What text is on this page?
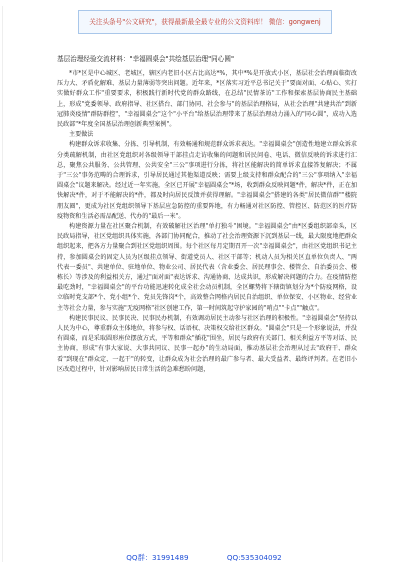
关注头条号"公文研究"，获得最新最全最专业的公文资料库！ 微信：gongwenj
基层治理经验交流材料："幸福圆桌会"共绘基层治理"同心圆"

*市*区是中心城区、老城区，辖区内老旧小区占比高达*%，其中*%是开放式小区，基层社会治理面临街改压力大、矛盾化解难、基层力量薄弱等突出问题。近年来，*区落实习近平总书记关于"要面对面、心贴心、实打实做好群众工作"重要要求，积极践行新时代党的群众路线，在总结"民情茶访"工作和探索基层协商民主基础上，形成"党委领导、政府指导、社区搭台、部门协同、社会参与"的基层治理格局，从社会治理"共建共治"到新冠肺炎疫情"群防群控"，"幸福圆桌会"这个"小平台"给基层治理带来了基层治理动力涌入的"同心圆"，成功入选民政部"*年度全国基层治理创新典型案例"。

主要做法

构建群众诉求收集、分拣、引导机制，有效畅通和规范群众诉求表达。"幸福圆桌会"创造性地建立群众诉求分类疏解机制，由社区党组织对各级领导干部挂点走访收集的问题和居民问卷、电话、微信反映的诉求进行汇总，聚焦公共服务、公共管理、公共安全"三公"事项进行分拣，将社区能解决的简单诉求直接答复解决；不属于"三公"事务范畴的合理诉求，引导居民通过其他渠道反映；需要上级支持和群众配合的"三公"事项纳入"幸福圆桌会"议题来解决。经过近一年实施，全区已开展"幸福圆桌会"*场，收到群众反映问题*件，解决*件，正在加快解决*件，对于不能解决的*件，都及时向居民反馈并获得理解。"幸福圆桌会"搭建的各类"居民微信群""楼院朋友圈"，更成为社区党组织领导下基层应急防控的重要阵地，有力畅通对社区防控、管控区、防范区的医疗防疫物资和生活必需品配送、代办的"最后一米"。

构建资源力量在社区聚合机制，有效破解社区治理"单打独斗"困境。"幸福圆桌会"由*区委组织部牵头，区民政局指导，社区党组织具体实施，各部门协同配合，推动了社会治理资源下沉到基层一线，最大限度地把群众组织起来，把各方力量聚合到社区党组织周围。每个社区每月定期召开一次"幸福圆桌会"，由社区党组织书记主持，参加圆桌会的固定人员为区级挂点领导、街道党员人、社区干部等；机动人员为相关区直单位负责人、"两代表一委员"、共建单位、驻地单位、物业公司、居民代表（含业委会、居民理事会、楼管会、自治委员会、楼栋长）等涉及的利益相关方，通过"面对面"表达诉求、沟通协商、达成共识，形成解决问题的合力。在疫情防控最吃劲时，"幸福圆桌会"的平台功能迅速转化成全社会动员机制，全区螺势将下辖街镇划分为*个防疫网格，设立临时党支部*个、党小组*个、党员先锋岗*个，高效整合网格内居民自治组织、单位保安、小区物业、经营业主等社会力量，参与实施"无疫网格"社区创建工作，第一时间筑起守护家园的"哨点""卡点""触点"。

构建民事民议、民事民决、民事民办机制，有效调动居民主动参与社区治理的积极性。"幸福圆桌会"坚持以人民为中心，尊重群众主体地位，将参与权、话语权、决策权交给社区群众。"圆桌会"只是一个形象说法，并没有圆桌，而是采取圆形座位摆放方式，平等和群众"插花"围坐，居民与政府有关部门、相关利益方平等对话、民主协商，形成"有事大家说、大事共同议、民事一起办"的生动局面，推动基层社会治理从过去"政府干、群众看"到现在"群众定、一起干"的转变，让群众成为社会治理的最广参与者、最大受益者、最终评判者。在老旧小区改造过程中，针对影响居民日常生活的急难愁盼问题，

QQ群：31991489	QQ:535304092
